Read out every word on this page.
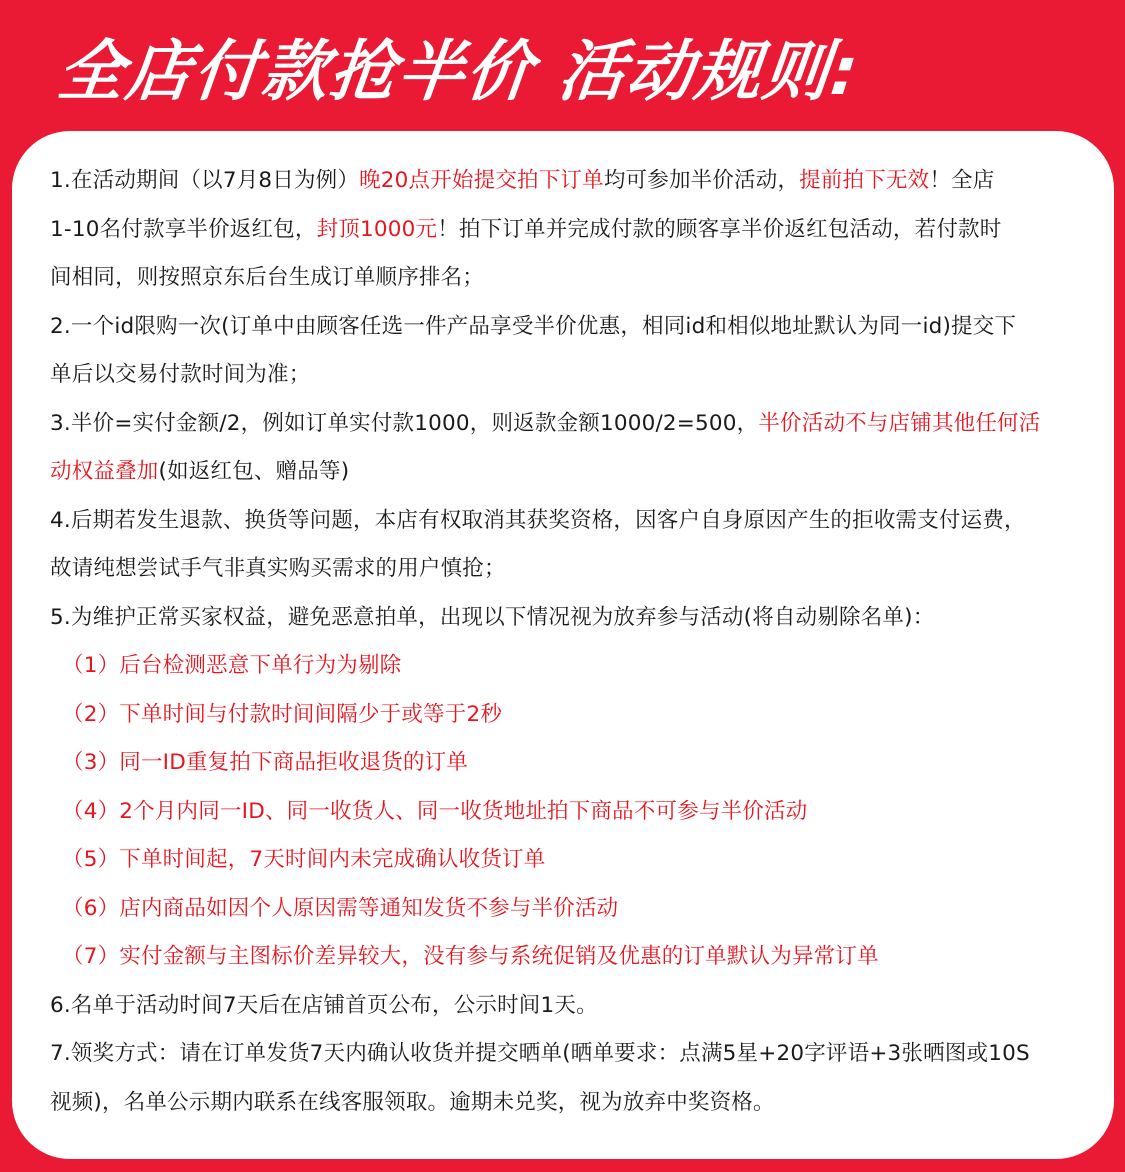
全店付款抢半价 活动规则:
1.在活动期间（以7月8日为例）晚20点开始提交拍下订单均可参加半价活动，提前拍下无效！全店
1-10名付款享半价返红包，封顶1000元！拍下订单并完成付款的顾客享半价返红包活动，若付款时
间相同，则按照京东后台生成订单顺序排名；
2.一个id限购一次(订单中由顾客任选一件产品享受半价优惠，相同id和相似地址默认为同一id)提交下
单后以交易付款时间为准；
3.半价=实付金额/2，例如订单实付款1000，则返款金额1000/2=500，半价活动不与店铺其他任何活
动权益叠加(如返红包、赠品等)
4.后期若发生退款、换货等问题，本店有权取消其获奖资格，因客户自身原因产生的拒收需支付运费，
故请纯想尝试手气非真实购买需求的用户慎抢；
5.为维护正常买家权益，避免恶意拍单，出现以下情况视为放弃参与活动(将自动剔除名单)：
（1）后台检测恶意下单行为为剔除
（2）下单时间与付款时间间隔少于或等于2秒
（3）同一ID重复拍下商品拒收退货的订单
（4）2个月内同一ID、同一收货人、同一收货地址拍下商品不可参与半价活动
（5）下单时间起，7天时间内未完成确认收货订单
（6）店内商品如因个人原因需等通知发货不参与半价活动
（7）实付金额与主图标价差异较大，没有参与系统促销及优惠的订单默认为异常订单
6.名单于活动时间7天后在店铺首页公布，公示时间1天。
7.领奖方式：请在订单发货7天内确认收货并提交晒单(晒单要求：点满5星+20字评语+3张晒图或10S
视频)，名单公示期内联系在线客服领取。逾期未兑奖，视为放弃中奖资格。
